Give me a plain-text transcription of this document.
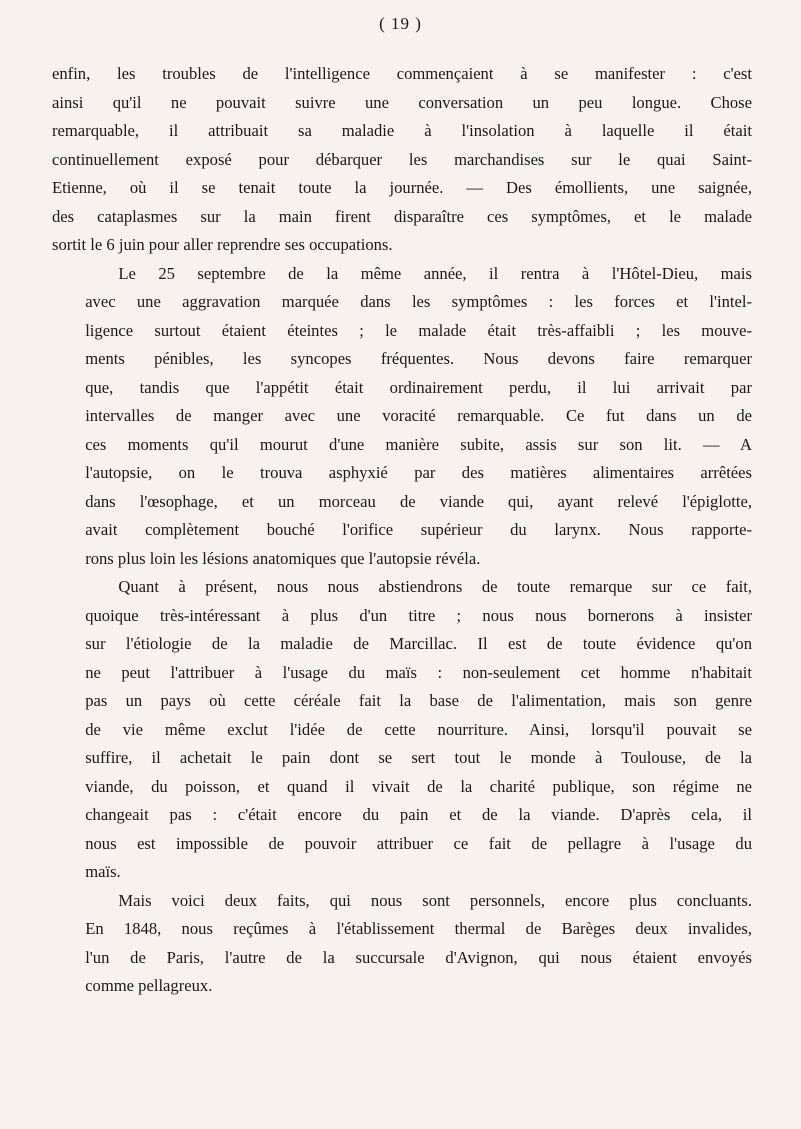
( 19 )

enfin, les troubles de l'intelligence commençaient à se manifester : c'est
ainsi qu'il ne pouvait suivre une conversation un peu longue. Chose
remarquable, il attribuait sa maladie à l'insolation à laquelle il était
continuellement exposé pour débarquer les marchandises sur le quai Saint-
Etienne, où il se tenait toute la journée. — Des émollients, une saignée,
des cataplasmes sur la main firent disparaître ces symptômes, et le malade
sortit le 6 juin pour aller reprendre ses occupations.

Le 25 septembre de la même année, il rentra à l'Hôtel-Dieu, mais
avec une aggravation marquée dans les symptômes : les forces et l'intel-
ligence surtout étaient éteintes ; le malade était très-affaibli ; les mouve-
ments pénibles, les syncopes fréquentes. Nous devons faire remarquer
que, tandis que l'appétit était ordinairement perdu, il lui arrivait par
intervalles de manger avec une voracité remarquable. Ce fut dans un de
ces moments qu'il mourut d'une manière subite, assis sur son lit. — A
l'autopsie, on le trouva asphyxié par des matières alimentaires arrêtées
dans l'œsophage, et un morceau de viande qui, ayant relevé l'épiglotte,
avait complètement bouché l'orifice supérieur du larynx. Nous rapporte-
rons plus loin les lésions anatomiques que l'autopsie révéla.

Quant à présent, nous nous abstiendrons de toute remarque sur ce fait,
quoique très-intéressant à plus d'un titre ; nous nous bornerons à insister
sur l'étiologie de la maladie de Marcillac. Il est de toute évidence qu'on
ne peut l'attribuer à l'usage du maïs : non-seulement cet homme n'habitait
pas un pays où cette céréale fait la base de l'alimentation, mais son genre
de vie même exclut l'idée de cette nourriture. Ainsi, lorsqu'il pouvait se
suffire, il achetait le pain dont se sert tout le monde à Toulouse, de la
viande, du poisson, et quand il vivait de la charité publique, son régime ne
changeait pas : c'était encore du pain et de la viande. D'après cela, il
nous est impossible de pouvoir attribuer ce fait de pellagre à l'usage du
maïs.

Mais voici deux faits, qui nous sont personnels, encore plus concluants.
En 1848, nous reçûmes à l'établissement thermal de Barèges deux invalides,
l'un de Paris, l'autre de la succursale d'Avignon, qui nous étaient envoyés
comme pellagreux.
